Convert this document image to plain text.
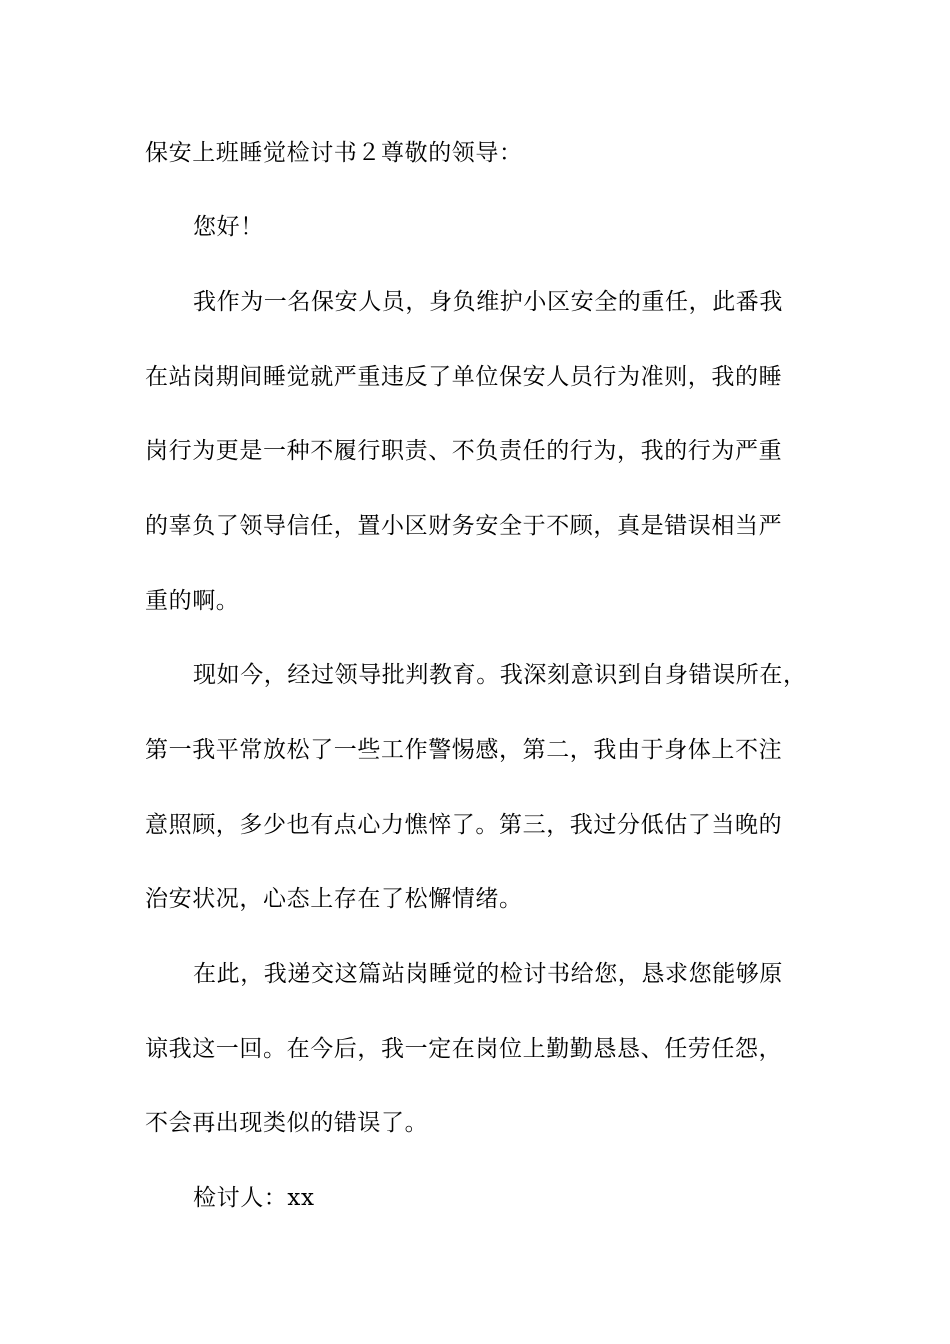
保安上班睡觉检讨书２尊敬的领导：
您好！
我作为一名保安人员，身负维护小区安全的重任，此番我
在站岗期间睡觉就严重违反了单位保安人员行为准则，我的睡
岗行为更是一种不履行职责、不负责任的行为，我的行为严重
的辜负了领导信任，置小区财务安全于不顾，真是错误相当严
重的啊。
现如今，经过领导批判教育。我深刻意识到自身错误所在，
第一我平常放松了一些工作警惕感，第二，我由于身体上不注
意照顾，多少也有点心力憔悴了。第三，我过分低估了当晚的
治安状况，心态上存在了松懈情绪。
在此，我递交这篇站岗睡觉的检讨书给您，恳求您能够原
谅我这一回。在今后，我一定在岗位上勤勤恳恳、任劳任怨，
不会再出现类似的错误了。
检讨人：xx
